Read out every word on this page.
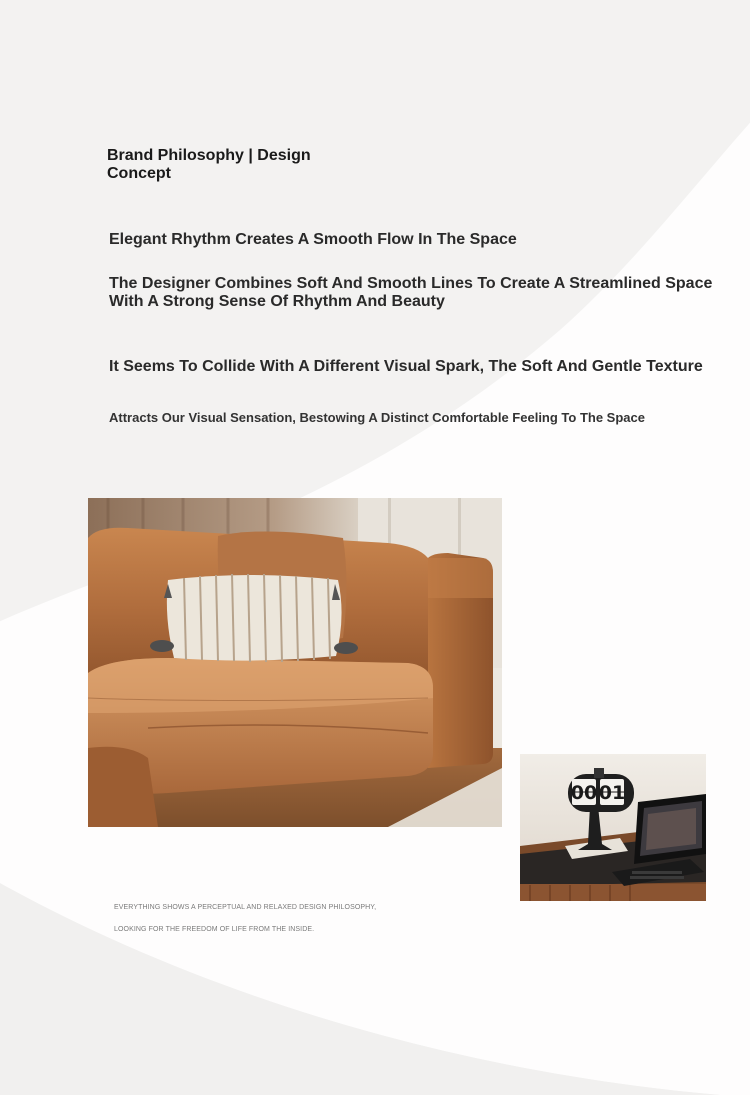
Brand Philosophy | Design Concept

Elegant Rhythm Creates A Smooth Flow In The Space

The Designer Combines Soft And Smooth Lines To Create A Streamlined Space With A Strong Sense Of Rhythm And Beauty

It Seems To Collide With A Different Visual Spark, The Soft And Gentle Texture

Attracts Our Visual Sensation, Bestowing A Distinct Comfortable Feeling To The Space

00 01

EVERYTHING SHOWS A PERCEPTUAL AND RELAXED DESIGN PHILOSOPHY,

LOOKING FOR THE FREEDOM OF LIFE FROM THE INSIDE.
